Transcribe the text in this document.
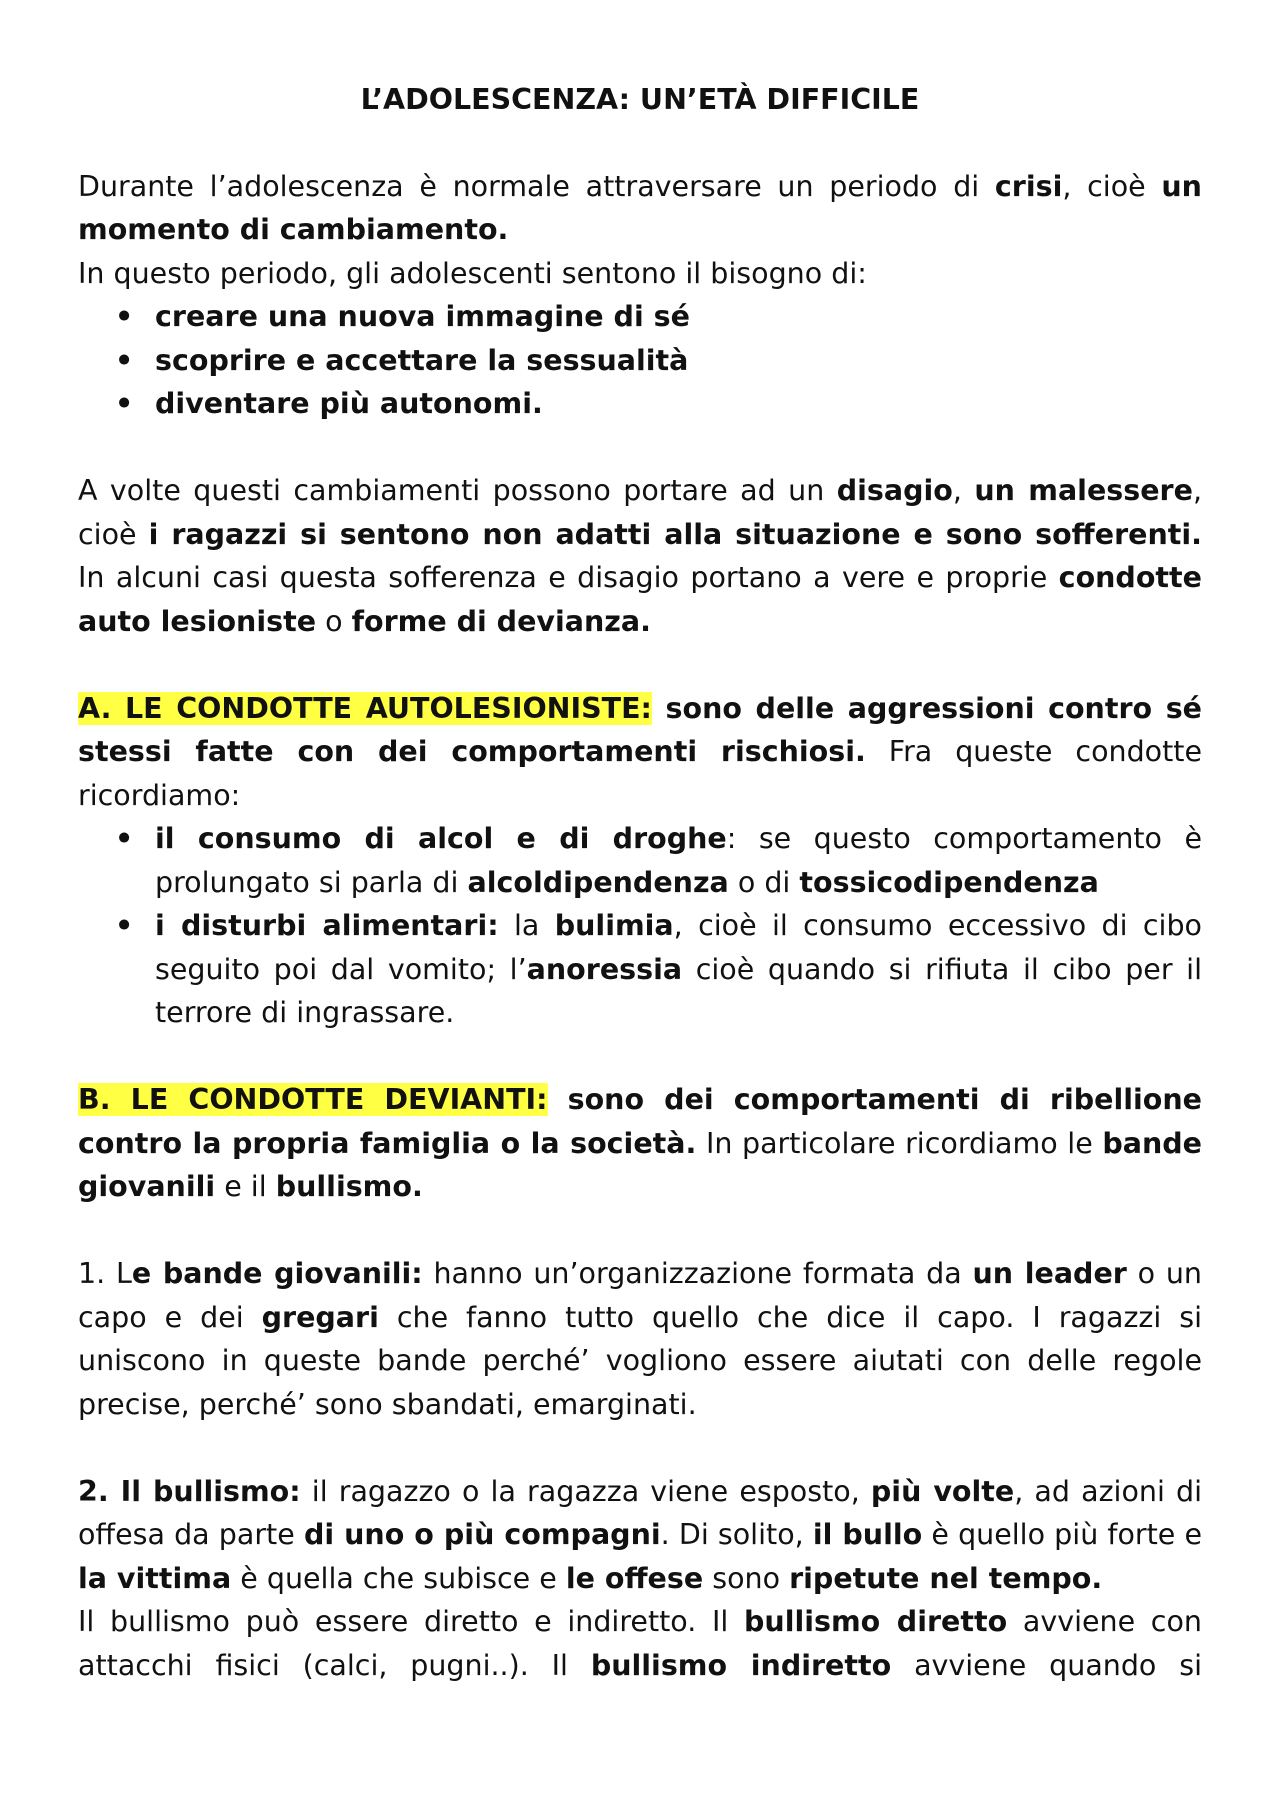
L’ADOLESCENZA: UN’ETÀ DIFFICILE

Durante l’adolescenza è normale attraversare un periodo di crisi, cioè un momento di cambiamento.

In questo periodo, gli adolescenti sentono il bisogno di:

• creare una nuova immagine di sé
• scoprire e accettare la sessualità
• diventare più autonomi.

A volte questi cambiamenti possono portare ad un disagio, un malessere, cioè i ragazzi si sentono non adatti alla situazione e sono sofferenti. In alcuni casi questa sofferenza e disagio portano a vere e proprie condotte auto lesioniste o forme di devianza.

A. LE CONDOTTE AUTOLESIONISTE: sono delle aggressioni contro sé stessi fatte con dei comportamenti rischiosi. Fra queste condotte ricordiamo:

• il consumo di alcol e di droghe: se questo comportamento è prolungato si parla di alcoldipendenza o di tossicodipendenza
• i disturbi alimentari: la bulimia, cioè il consumo eccessivo di cibo seguito poi dal vomito; l’anoressia cioè quando si rifiuta il cibo per il terrore di ingrassare.

B. LE CONDOTTE DEVIANTI: sono dei comportamenti di ribellione contro la propria famiglia o la società. In particolare ricordiamo le bande giovanili e il bullismo.

1. Le bande giovanili: hanno un’organizzazione formata da un leader o un capo e dei gregari che fanno tutto quello che dice il capo. I ragazzi si uniscono in queste bande perché’ vogliono essere aiutati con delle regole precise, perché’ sono sbandati, emarginati.

2. Il bullismo: il ragazzo o la ragazza viene esposto, più volte, ad azioni di offesa da parte di uno o più compagni. Di solito, il bullo è quello più forte e la vittima è quella che subisce e le offese sono ripetute nel tempo.

Il bullismo può essere diretto e indiretto. Il bullismo diretto avviene con attacchi fisici (calci, pugni..). Il bullismo indiretto avviene quando si
